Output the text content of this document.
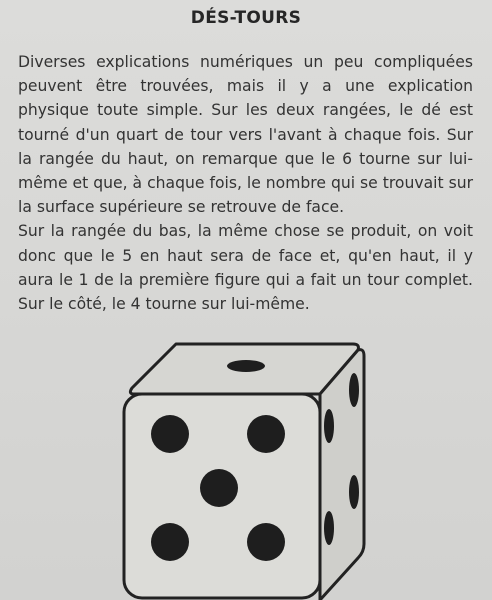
DÉS-TOURS

Diverses explications numériques un peu compliquées peuvent être trouvées, mais il y a une explication physique toute simple. Sur les deux rangées, le dé est tourné d'un quart de tour vers l'avant à chaque fois. Sur la rangée du haut, on remarque que le 6 tourne sur lui-même et que, à chaque fois, le nombre qui se trouvait sur la surface supérieure se retrouve de face.

Sur la rangée du bas, la même chose se produit, on voit donc que le 5 en haut sera de face et, qu'en haut, il y aura le 1 de la première figure qui a fait un tour complet. Sur le côté, le 4 tourne sur lui-même.
